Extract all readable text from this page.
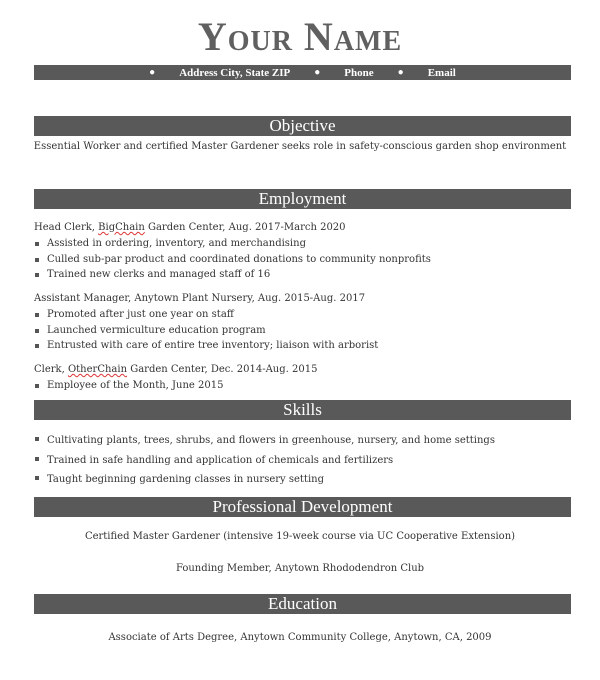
Your Name
● Address City, State ZIP ● Phone ● Email
Objective
Essential Worker and certified Master Gardener seeks role in safety-conscious garden shop environment
Employment
Head Clerk, BigChain Garden Center, Aug. 2017-March 2020
Assisted in ordering, inventory, and merchandising
Culled sub-par product and coordinated donations to community nonprofits
Trained new clerks and managed staff of 16
Assistant Manager, Anytown Plant Nursery, Aug. 2015-Aug. 2017
Promoted after just one year on staff
Launched vermiculture education program
Entrusted with care of entire tree inventory; liaison with arborist
Clerk, OtherChain Garden Center, Dec. 2014-Aug. 2015
Employee of the Month, June 2015
Skills
Cultivating plants, trees, shrubs, and flowers in greenhouse, nursery, and home settings
Trained in safe handling and application of chemicals and fertilizers
Taught beginning gardening classes in nursery setting
Professional Development
Certified Master Gardener (intensive 19-week course via UC Cooperative Extension)
Founding Member, Anytown Rhododendron Club
Education
Associate of Arts Degree, Anytown Community College, Anytown, CA, 2009
